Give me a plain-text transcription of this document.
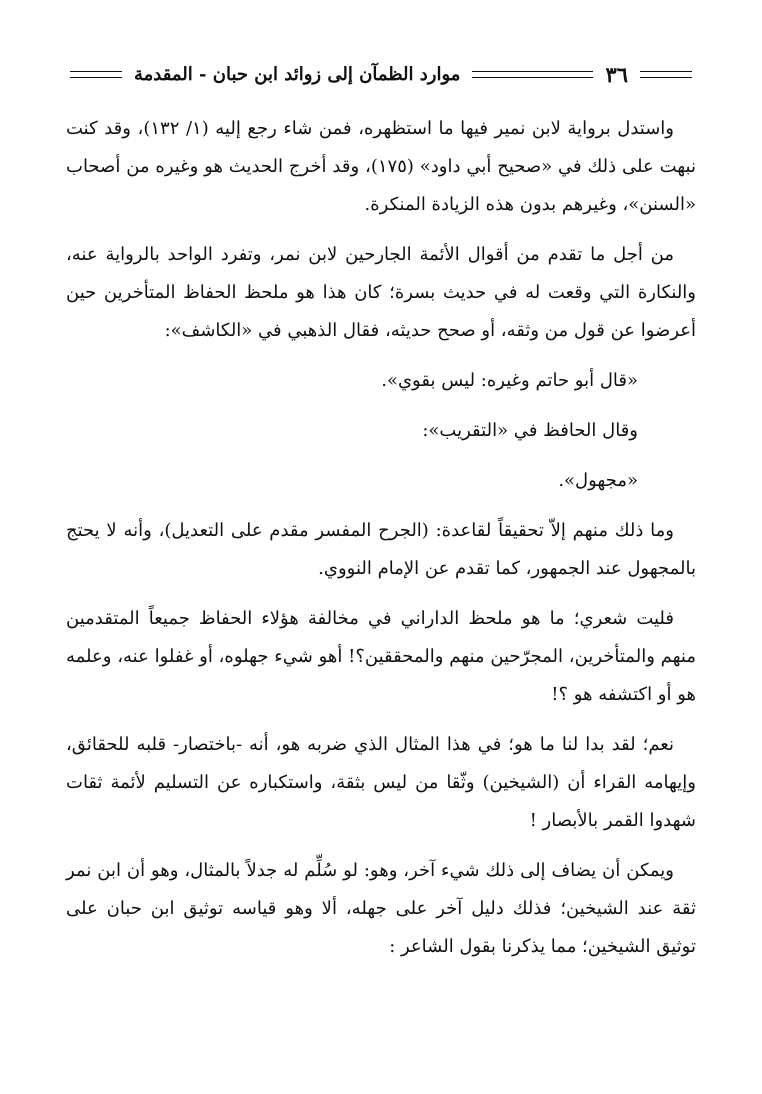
٣٦
موارد الظمآن إلى زوائد ابن حبان - المقدمة

واستدل برواية لابن نمير فيها ما استظهره، فمن شاء رجع إليه (١/ ١٣٢)، وقد كنت نبهت على ذلك في «صحيح أبي داود» (١٧٥)، وقد أخرج الحديث هو وغيره من أصحاب «السنن»، وغيرهم بدون هذه الزيادة المنكرة.

من أجل ما تقدم من أقوال الأئمة الجارحين لابن نمر، وتفرد الواحد بالرواية عنه، والنكارة التي وقعت له في حديث بسرة؛ كان هذا هو ملحظ الحفاظ المتأخرين حين أعرضوا عن قول من وثقه، أو صحح حديثه، فقال الذهبي في «الكاشف»:

«قال أبو حاتم وغيره: ليس بقوي».

وقال الحافظ في «التقريب»:

«مجهول».

وما ذلك منهم إلاّ تحقيقاً لقاعدة: (الجرح المفسر مقدم على التعديل)، وأنه لا يحتج بالمجهول عند الجمهور، كما تقدم عن الإمام النووي.

فليت شعري؛ ما هو ملحظ الداراني في مخالفة هؤلاء الحفاظ جميعاً المتقدمين منهم والمتأخرين، المجرّحين منهم والمحققين؟! أهو شيء جهلوه، أو غفلوا عنه، وعلمه هو أو اكتشفه هو ؟!

نعم؛ لقد بدا لنا ما هو؛ في هذا المثال الذي ضربه هو، أنه -باختصار- قلبه للحقائق، وإيهامه القراء أن (الشيخين) وثّقا من ليس بثقة، واستكباره عن التسليم لأئمة ثقات شهدوا القمر بالأبصار !

ويمكن أن يضاف إلى ذلك شيء آخر، وهو: لو سُلِّم له جدلاً بالمثال، وهو أن ابن نمر ثقة عند الشيخين؛ فذلك دليل آخر على جهله، ألا وهو قياسه توثيق ابن حبان على توثيق الشيخين؛ مما يذكرنا بقول الشاعر :
